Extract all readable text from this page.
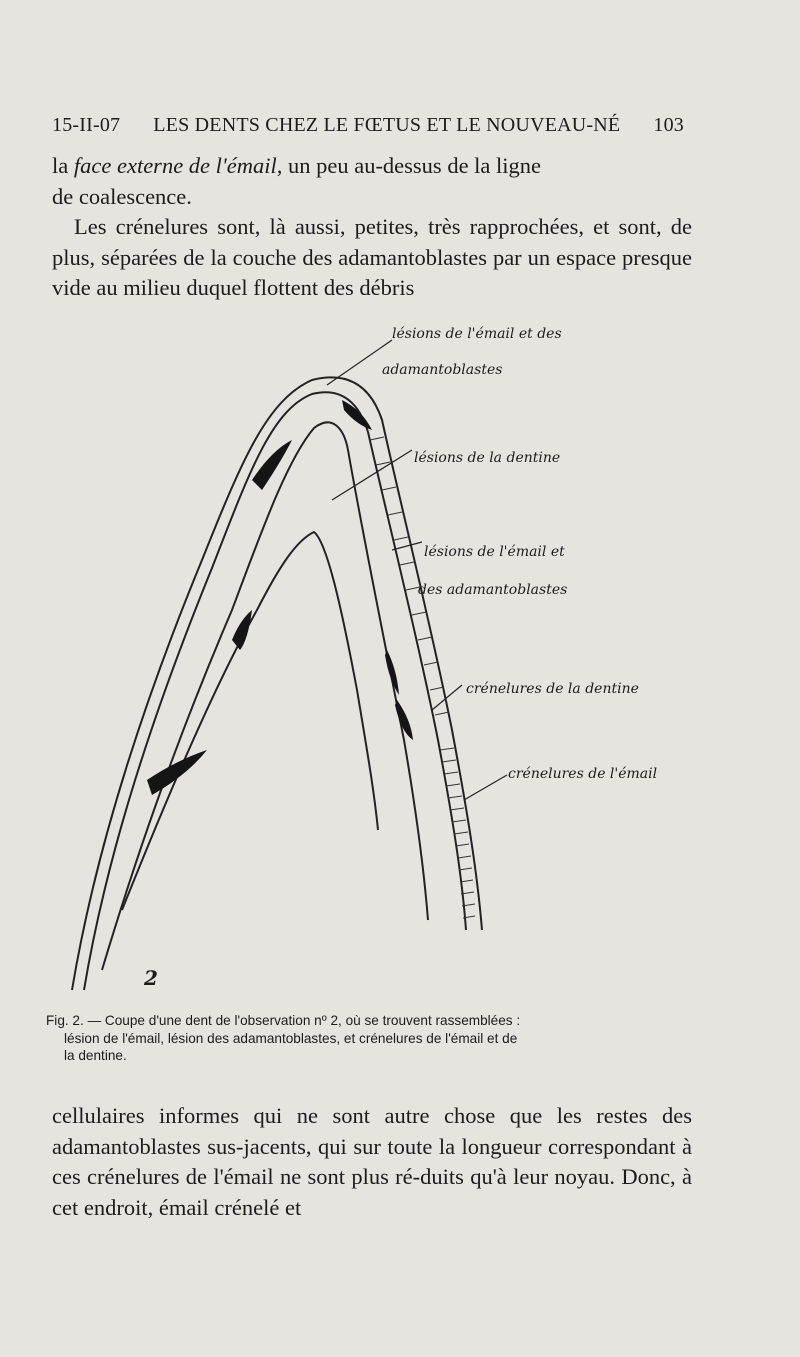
15-II-07 LES DENTS CHEZ LE FŒTUS ET LE NOUVEAU-NÉ 103

la face externe de l'émail, un peu au-dessus de la ligne

de coalescence.

Les crénelures sont, là aussi, petites, très rapprochées, et sont, de plus, séparées de la couche des adamantoblastes par un espace presque vide au milieu duquel flottent des débris

lésions de l'émail et des
adamantoblastes
lésions de la dentine
lésions de l'émail et
des adamantoblastes
crénelures de la dentine
crénelures de l'émail
2
Fig. 2. — Coupe d'une dent de l'observation nº 2, où se trouvent rassemblées :
lésion de l'émail, lésion des adamantoblastes, et crénelures de l'émail et de
la dentine.

cellulaires informes qui ne sont autre chose que les restes des adamantoblastes sus-jacents, qui sur toute la longueur correspondant à ces crénelures de l'émail ne sont plus ré-duits qu'à leur noyau. Donc, à cet endroit, émail crénelé et
